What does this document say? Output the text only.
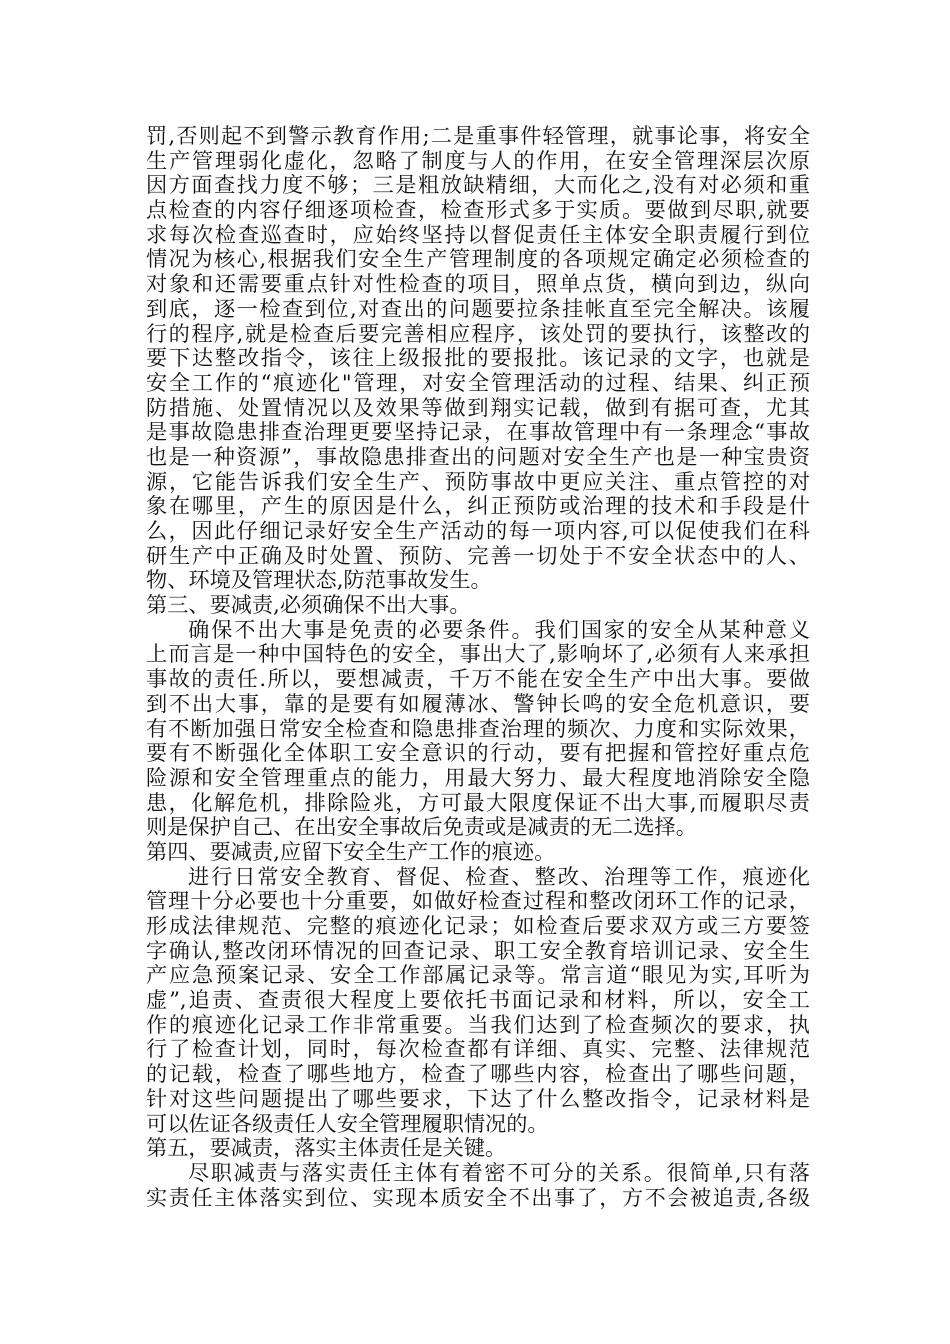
罚,否则起不到警示教育作用;二是重事件轻管理，就事论事，将安全
生产管理弱化虚化，忽略了制度与人的作用，在安全管理深层次原
因方面查找力度不够；三是粗放缺精细，大而化之,没有对必须和重
点检查的内容仔细逐项检查，检查形式多于实质。要做到尽职,就要
求每次检查巡查时，应始终坚持以督促责任主体安全职责履行到位
情况为核心,根据我们安全生产管理制度的各项规定确定必须检查的
对象和还需要重点针对性检查的项目，照单点货，横向到边，纵向
到底，逐一检查到位,对查出的问题要拉条挂帐直至完全解决。该履
行的程序,就是检查后要完善相应程序，该处罚的要执行，该整改的
要下达整改指令，该往上级报批的要报批。该记录的文字，也就是
安全工作的“痕迹化"管理，对安全管理活动的过程、结果、纠正预
防措施、处置情况以及效果等做到翔实记载，做到有据可查，尤其
是事故隐患排查治理更要坚持记录，在事故管理中有一条理念“事故
也是一种资源”，事故隐患排查出的问题对安全生产也是一种宝贵资
源，它能告诉我们安全生产、预防事故中更应关注、重点管控的对
象在哪里，产生的原因是什么，纠正预防或治理的技术和手段是什
么，因此仔细记录好安全生产活动的每一项内容,可以促使我们在科
研生产中正确及时处置、预防、完善一切处于不安全状态中的人、
物、环境及管理状态,防范事故发生。
第三、要减责,必须确保不出大事。
确保不出大事是免责的必要条件。我们国家的安全从某种意义
上而言是一种中国特色的安全，事出大了,影响坏了,必须有人来承担
事故的责任.所以，要想减责，千万不能在安全生产中出大事。要做
到不出大事，靠的是要有如履薄冰、警钟长鸣的安全危机意识，要
有不断加强日常安全检查和隐患排查治理的频次、力度和实际效果，
要有不断强化全体职工安全意识的行动，要有把握和管控好重点危
险源和安全管理重点的能力，用最大努力、最大程度地消除安全隐
患，化解危机，排除险兆，方可最大限度保证不出大事,而履职尽责
则是保护自己、在出安全事故后免责或是减责的无二选择。
第四、要减责,应留下安全生产工作的痕迹。
进行日常安全教育、督促、检查、整改、治理等工作，痕迹化
管理十分必要也十分重要，如做好检查过程和整改闭环工作的记录，
形成法律规范、完整的痕迹化记录；如检查后要求双方或三方要签
字确认,整改闭环情况的回查记录、职工安全教育培训记录、安全生
产应急预案记录、安全工作部属记录等。常言道“眼见为实,耳听为
虚”,追责、查责很大程度上要依托书面记录和材料，所以，安全工
作的痕迹化记录工作非常重要。当我们达到了检查频次的要求，执
行了检查计划，同时，每次检查都有详细、真实、完整、法律规范
的记载，检查了哪些地方，检查了哪些内容，检查出了哪些问题，
针对这些问题提出了哪些要求，下达了什么整改指令，记录材料是
可以佐证各级责任人安全管理履职情况的。
第五，要减责，落实主体责任是关键。
尽职减责与落实责任主体有着密不可分的关系。很简单,只有落
实责任主体落实到位、实现本质安全不出事了，方不会被追责,各级
